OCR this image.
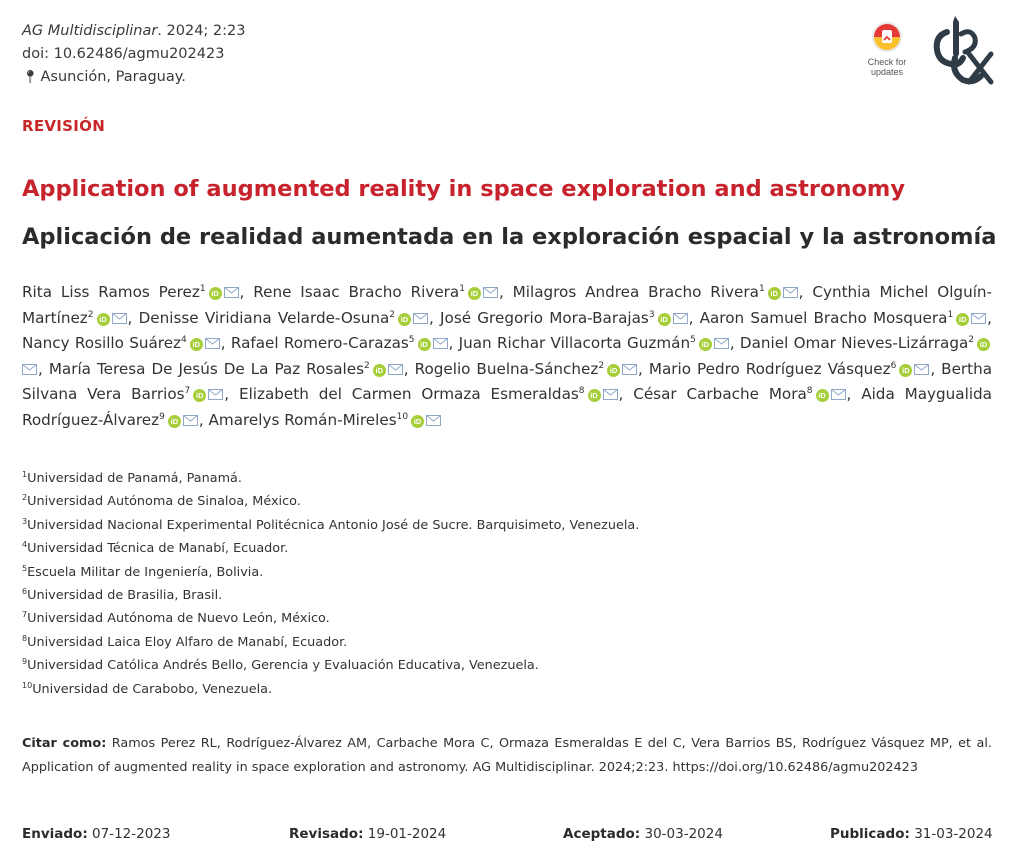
AG Multidisciplinar. 2024; 2:23
doi: 10.62486/agmu202423
📍︎ Asunción, Paraguay.
Check for
updates
REVISIÓN
Application of augmented reality in space exploration and astronomy
Aplicación de realidad aumentada en la exploración espacial y la astronomía
Rita Liss Ramos Perez$^1$ iD , Rene Isaac Bracho Rivera$^1$ iD , Milagros Andrea Bracho Rivera$^1$ iD , Cynthia Michel Olguín-Martínez$^2$ iD , Denisse Viridiana Velarde-Osuna$^2$ iD , José Gregorio Mora-Barajas$^3$ iD , Aaron Samuel Bracho Mosquera$^1$ iD , Nancy Rosillo Suárez$^4$ iD , Rafael Romero-Carazas$^5$ iD , Juan Richar Villacorta Guzmán$^5$ iD , Daniel Omar Nieves-Lizárraga$^2$ iD, María Teresa De Jesús De La Paz Rosales$^2$ iD , Rogelio Buelna-Sánchez$^2$ iD , Mario Pedro Rodríguez Vásquez$^6$ iD , Bertha Silvana Vera Barrios$^7$ iD , Elizabeth del Carmen Ormaza Esmeraldas$^8$ iD , César Carbache Mora$^8$ iD , Aida Maygualida Rodríguez-Álvarez$^9$ iD , Amarelys Román-Mireles$^{10}$ iD
$^1$Universidad de Panamá, Panamá.
$^2$Universidad Autónoma de Sinaloa, México.
$^3$Universidad Nacional Experimental Politécnica Antonio José de Sucre. Barquisimeto, Venezuela.
$^4$Universidad Técnica de Manabí, Ecuador.
$^5$Escuela Militar de Ingeniería, Bolivia.
$^6$Universidad de Brasilia, Brasil.
$^7$Universidad Autónoma de Nuevo León, México.
$^8$Universidad Laica Eloy Alfaro de Manabí, Ecuador.
$^9$Universidad Católica Andrés Bello, Gerencia y Evaluación Educativa, Venezuela.
$^{10}$Universidad de Carabobo, Venezuela.
Citar como: Ramos Perez RL, Rodríguez-Álvarez AM, Carbache Mora C, Ormaza Esmeraldas E del C, Vera Barrios BS, Rodríguez Vásquez MP, et al. Application of augmented reality in space exploration and astronomy. AG Multidisciplinar. 2024;2:23. https://doi.org/10.62486/agmu202423
Enviado: 07-12-2023	Revisado: 19-01-2024	Aceptado: 30-03-2024	Publicado: 31-03-2024
